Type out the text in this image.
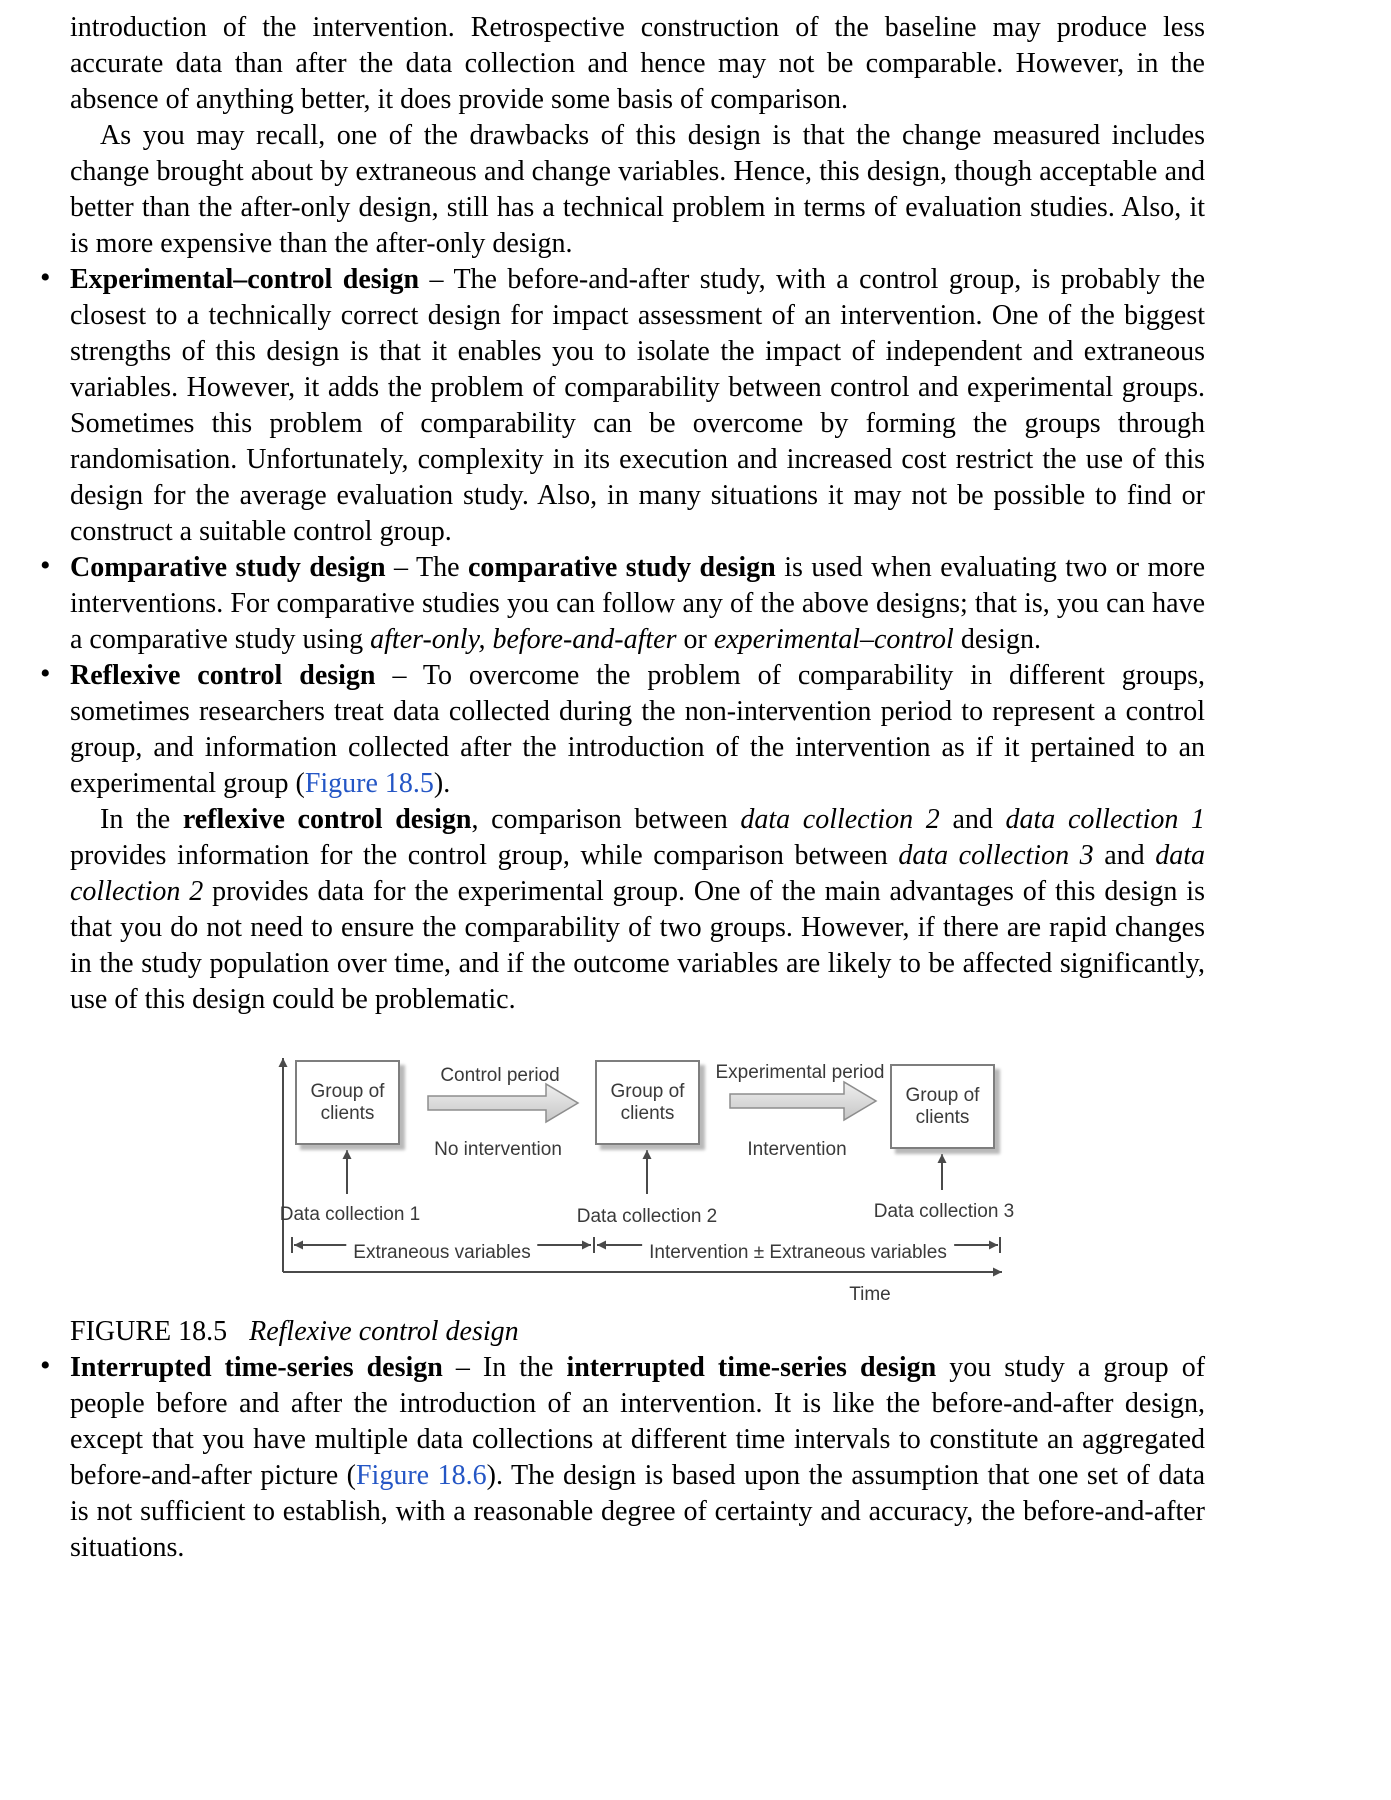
introduction of the intervention. Retrospective construction of the baseline may produce less accurate data than after the data collection and hence may not be comparable. However, in the absence of anything better, it does provide some basis of comparison.
As you may recall, one of the drawbacks of this design is that the change measured includes change brought about by extraneous and change variables. Hence, this design, though acceptable and better than the after-only design, still has a technical problem in terms of evaluation studies. Also, it is more expensive than the after-only design.
• Experimental–control design – The before-and-after study, with a control group, is probably the closest to a technically correct design for impact assessment of an intervention. One of the biggest strengths of this design is that it enables you to isolate the impact of independent and extraneous variables. However, it adds the problem of comparability between control and experimental groups. Sometimes this problem of comparability can be overcome by forming the groups through randomisation. Unfortunately, complexity in its execution and increased cost restrict the use of this design for the average evaluation study. Also, in many situations it may not be possible to find or construct a suitable control group.
• Comparative study design – The comparative study design is used when evaluating two or more interventions. For comparative studies you can follow any of the above designs; that is, you can have a comparative study using after-only, before-and-after or experimental–control design.
• Reflexive control design – To overcome the problem of comparability in different groups, sometimes researchers treat data collected during the non-intervention period to represent a control group, and information collected after the introduction of the intervention as if it pertained to an experimental group (Figure 18.5).
In the reflexive control design, comparison between data collection 2 and data collection 1 provides information for the control group, while comparison between data collection 3 and data collection 2 provides data for the experimental group. One of the main advantages of this design is that you do not need to ensure the comparability of two groups. However, if there are rapid changes in the study population over time, and if the outcome variables are likely to be affected significantly, use of this design could be problematic.
Group of clients
Group of clients
Group of clients
Control period
No intervention
Experimental period
Intervention
Data collection 1	Data collection 2	Data collection 3
Extraneous variables	Intervention ± Extraneous variables
Time
FIGURE 18.5 Reflexive control design
• Interrupted time-series design – In the interrupted time-series design you study a group of people before and after the introduction of an intervention. It is like the before-and-after design, except that you have multiple data collections at different time intervals to constitute an aggregated before-and-after picture (Figure 18.6). The design is based upon the assumption that one set of data is not sufficient to establish, with a reasonable degree of certainty and accuracy, the before-and-after situations.
